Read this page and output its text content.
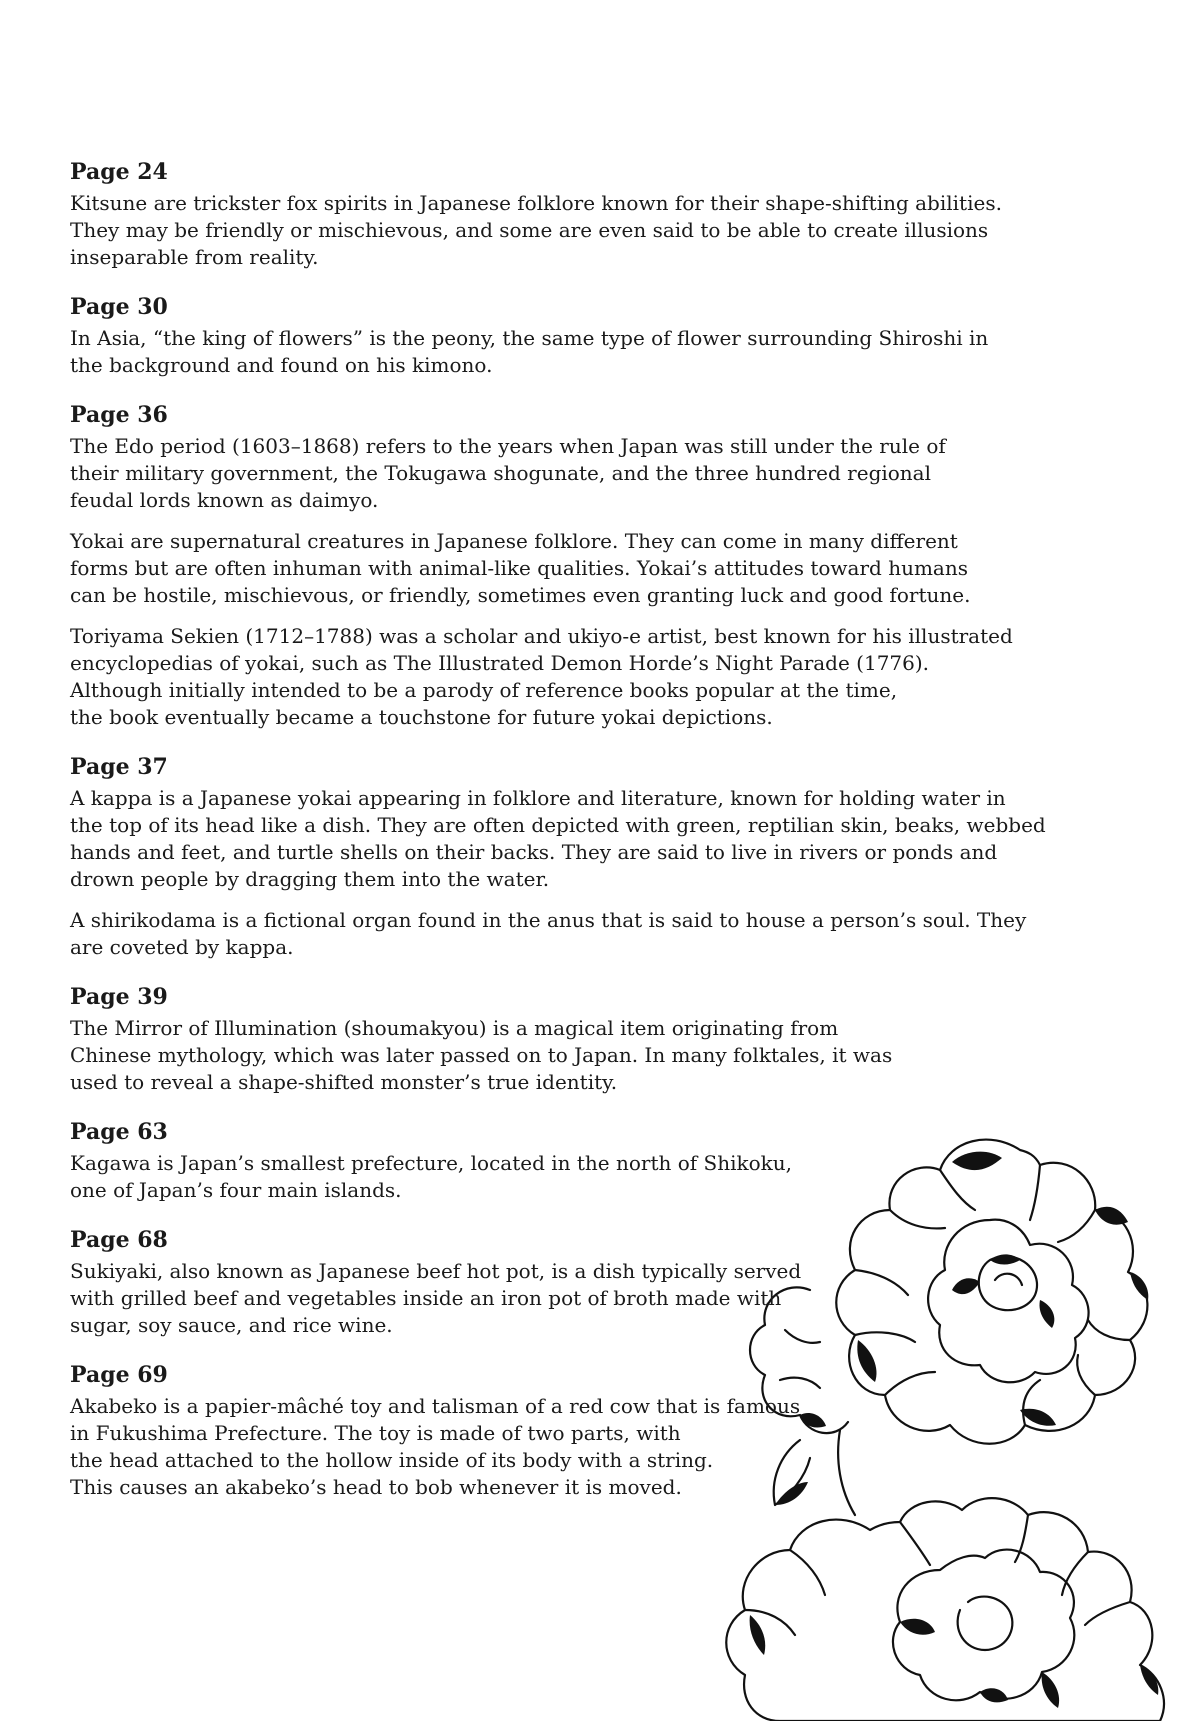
Page 24

Kitsune are trickster fox spirits in Japanese folklore known for their shape-shifting abilities.
They may be friendly or mischievous, and some are even said to be able to create illusions
inseparable from reality.

Page 30

In Asia, “the king of flowers” is the peony, the same type of flower surrounding Shiroshi in
the background and found on his kimono.

Page 36

The Edo period (1603–1868) refers to the years when Japan was still under the rule of
their military government, the Tokugawa shogunate, and the three hundred regional
feudal lords known as daimyo.

Yokai are supernatural creatures in Japanese folklore. They can come in many different
forms but are often inhuman with animal-like qualities. Yokai’s attitudes toward humans
can be hostile, mischievous, or friendly, sometimes even granting luck and good fortune.

Toriyama Sekien (1712–1788) was a scholar and ukiyo-e artist, best known for his illustrated
encyclopedias of yokai, such as The Illustrated Demon Horde’s Night Parade (1776).
Although initially intended to be a parody of reference books popular at the time,
the book eventually became a touchstone for future yokai depictions.

Page 37

A kappa is a Japanese yokai appearing in folklore and literature, known for holding water in
the top of its head like a dish. They are often depicted with green, reptilian skin, beaks, webbed
hands and feet, and turtle shells on their backs. They are said to live in rivers or ponds and
drown people by dragging them into the water.

A shirikodama is a fictional organ found in the anus that is said to house a person’s soul. They
are coveted by kappa.

Page 39

The Mirror of Illumination (shoumakyou) is a magical item originating from
Chinese mythology, which was later passed on to Japan. In many folktales, it was
used to reveal a shape-shifted monster’s true identity.

Page 63

Kagawa is Japan’s smallest prefecture, located in the north of Shikoku,
one of Japan’s four main islands.

Page 68

Sukiyaki, also known as Japanese beef hot pot, is a dish typically served
with grilled beef and vegetables inside an iron pot of broth made with
sugar, soy sauce, and rice wine.

Page 69

Akabeko is a papier-mâché toy and talisman of a red cow that is famous
in Fukushima Prefecture. The toy is made of two parts, with
the head attached to the hollow inside of its body with a string.
This causes an akabeko’s head to bob whenever it is moved.
